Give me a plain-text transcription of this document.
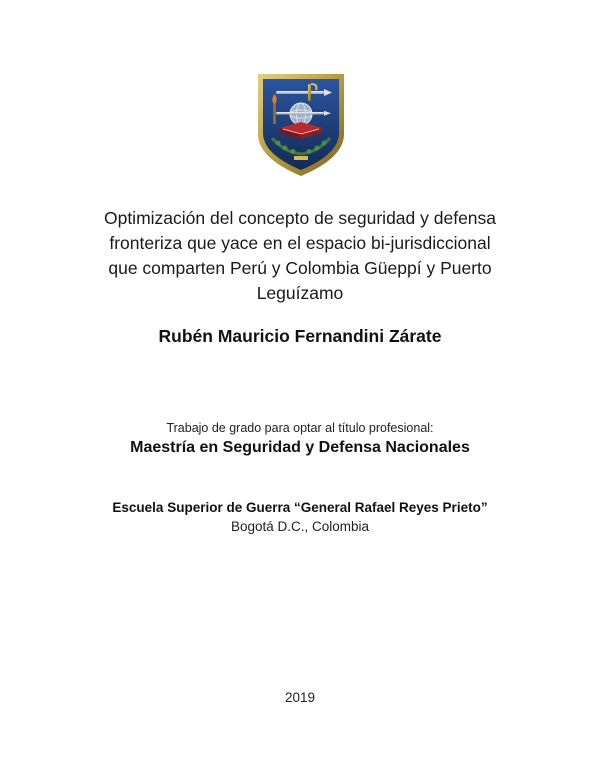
Optimización del concepto de seguridad y defensa
fronteriza que yace en el espacio bi-jurisdiccional
que comparten Perú y Colombia Güeppí y Puerto
Leguízamo
Rubén Mauricio Fernandini Zárate
Trabajo de grado para optar al título profesional:
Maestría en Seguridad y Defensa Nacionales
Escuela Superior de Guerra “General Rafael Reyes Prieto”
Bogotá D.C., Colombia
2019
